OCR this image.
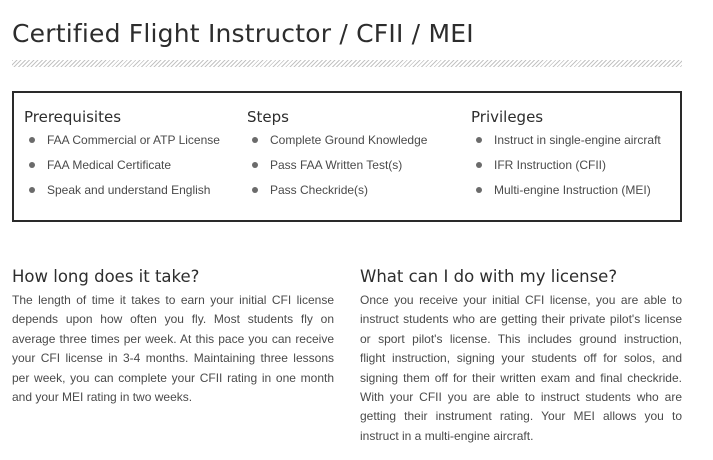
Certified Flight Instructor / CFII / MEI
Prerequisites
FAA Commercial or ATP License
FAA Medical Certificate
Speak and understand English
Steps
Complete Ground Knowledge
Pass FAA Written Test(s)
Pass Checkride(s)
Privileges
Instruct in single-engine aircraft
IFR Instruction (CFII)
Multi-engine Instruction (MEI)
How long does it take?

The length of time it takes to earn your initial CFI license depends upon how often you fly. Most students fly on average three times per week. At this pace you can receive your CFI license in 3-4 months. Maintaining three lessons per week, you can complete your CFII rating in one month and your MEI rating in two weeks.

What can I do with my license?

Once you receive your initial CFI license, you are able to instruct students who are getting their private pilot's license or sport pilot's license. This includes ground instruction, flight instruction, signing your students off for solos, and signing them off for their written exam and final checkride. With your CFII you are able to instruct students who are getting their instrument rating. Your MEI allows you to instruct in a multi-engine aircraft.
